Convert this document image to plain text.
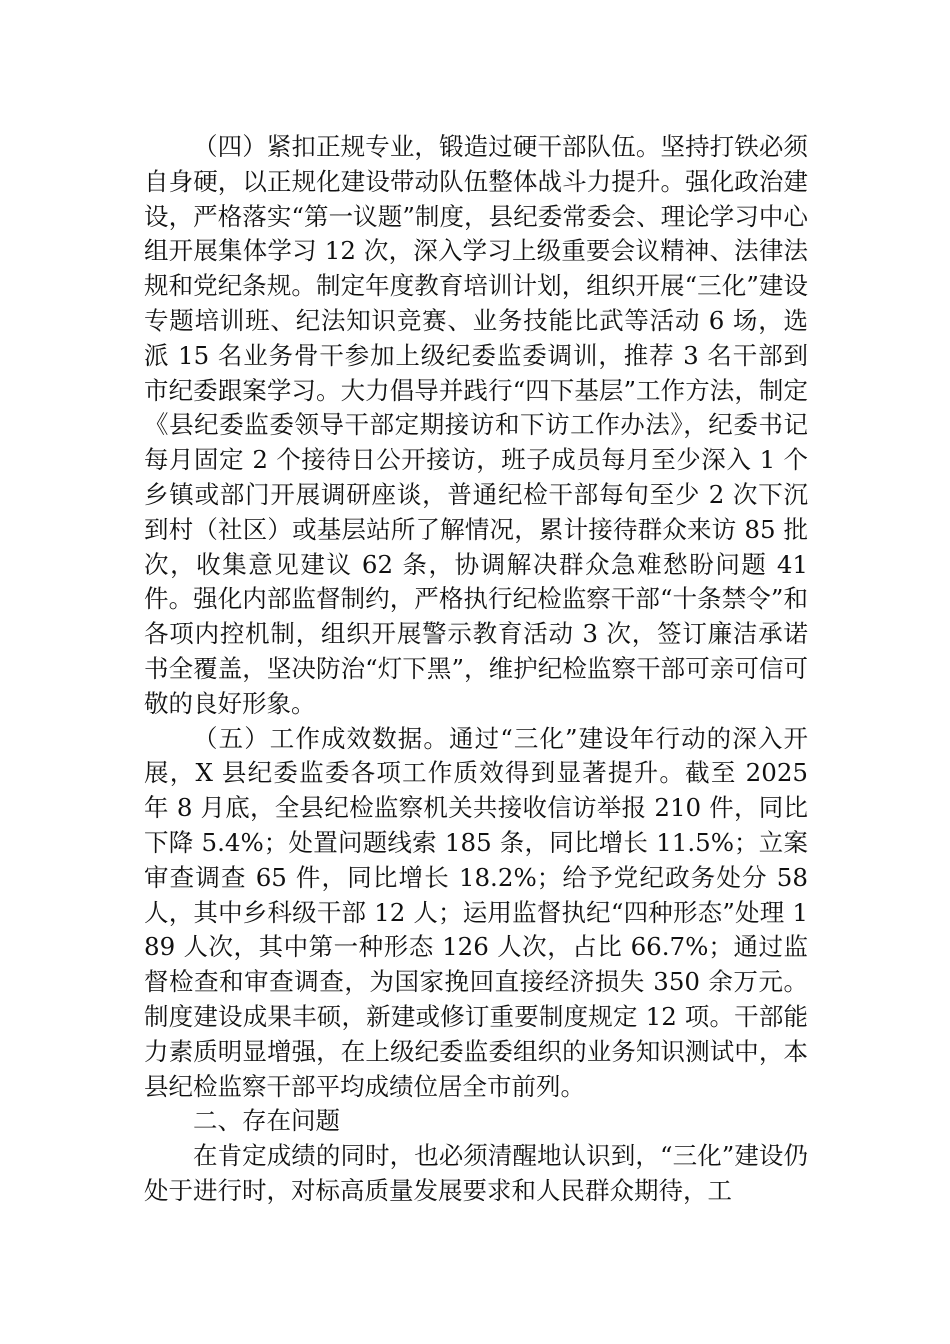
（四）紧扣正规专业，锻造过硬干部队伍。坚持打铁必须自身硬，以正规化建设带动队伍整体战斗力提升。强化政治建设，严格落实“第一议题”制度，县纪委常委会、理论学习中心组开展集体学习 12 次，深入学习上级重要会议精神、法律法规和党纪条规。制定年度教育培训计划，组织开展“三化”建设专题培训班、纪法知识竞赛、业务技能比武等活动 6 场，选派 15 名业务骨干参加上级纪委监委调训，推荐 3 名干部到市纪委跟案学习。大力倡导并践行“四下基层”工作方法，制定《县纪委监委领导干部定期接访和下访工作办法》，纪委书记每月固定 2 个接待日公开接访，班子成员每月至少深入 1 个乡镇或部门开展调研座谈，普通纪检干部每旬至少 2 次下沉到村（社区）或基层站所了解情况，累计接待群众来访 85 批次，收集意见建议 62 条，协调解决群众急难愁盼问题 41 件。强化内部监督制约，严格执行纪检监察干部“十条禁令”和各项内控机制，组织开展警示教育活动 3 次，签订廉洁承诺书全覆盖，坚决防治“灯下黑”，维护纪检监察干部可亲可信可敬的良好形象。

（五）工作成效数据。通过“三化”建设年行动的深入开展，X 县纪委监委各项工作质效得到显著提升。截至 2025 年 8 月底，全县纪检监察机关共接收信访举报 210 件，同比下降 5.4%；处置问题线索 185 条，同比增长 11.5%；立案审查调查 65 件，同比增长 18.2%；给予党纪政务处分 58 人，其中乡科级干部 12 人；运用监督执纪“四种形态”处理 189 人次，其中第一种形态 126 人次，占比 66.7%；通过监督检查和审查调查，为国家挽回直接经济损失 350 余万元。制度建设成果丰硕，新建或修订重要制度规定 12 项。干部能力素质明显增强，在上级纪委监委组织的业务知识测试中，本县纪检监察干部平均成绩位居全市前列。

二、存在问题

在肯定成绩的同时，也必须清醒地认识到，“三化”建设仍处于进行时，对标高质量发展要求和人民群众期待，工
